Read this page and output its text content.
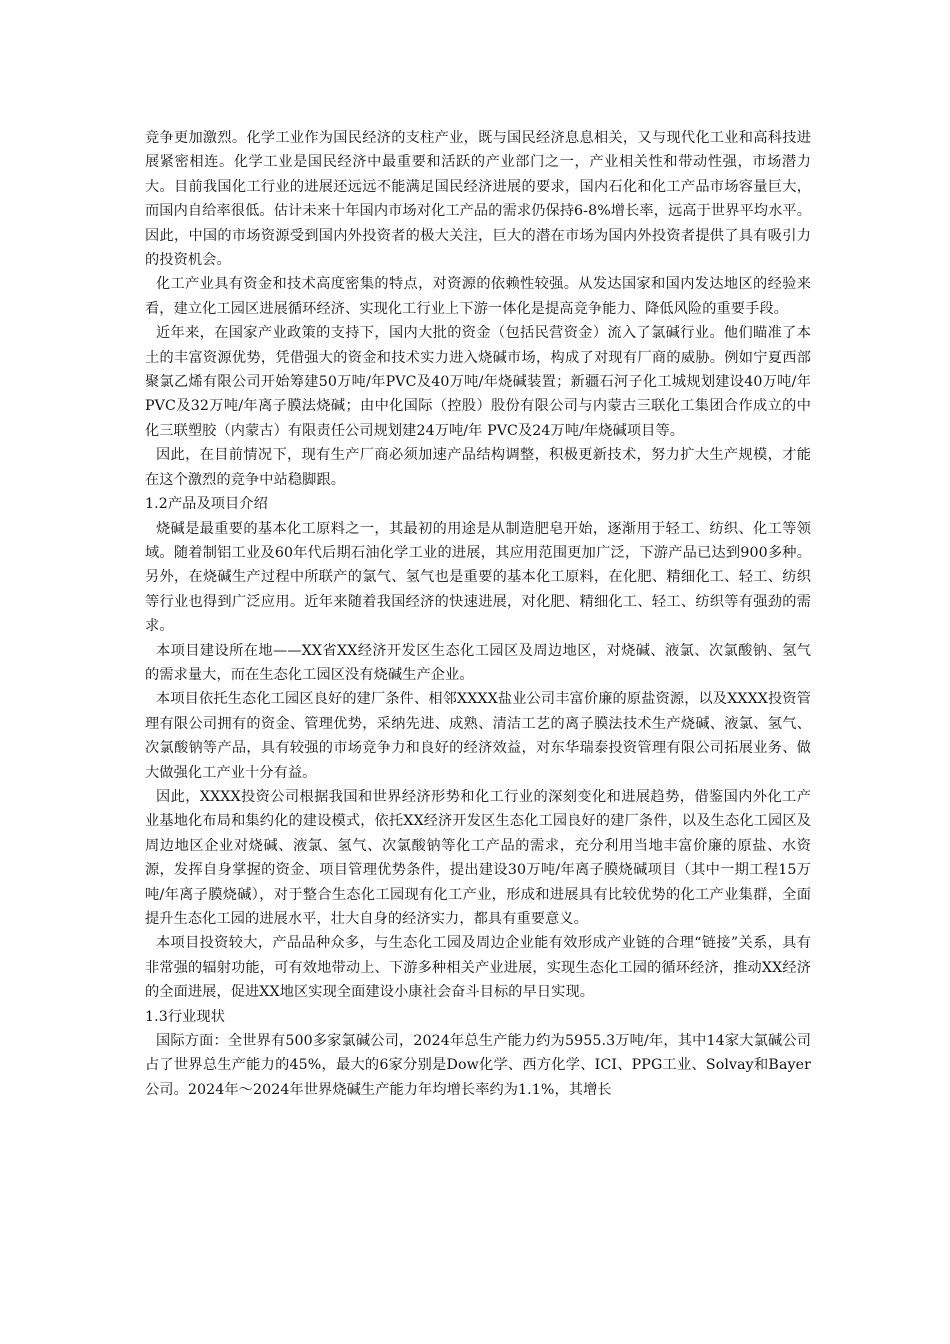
竞争更加激烈。化学工业作为国民经济的支柱产业，既与国民经济息息相关，又与现代化工业和高科技进展紧密相连。化学工业是国民经济中最重要和活跃的产业部门之一，产业相关性和带动性强，市场潜力大。目前我国化工行业的进展还远远不能满足国民经济进展的要求，国内石化和化工产品市场容量巨大，而国内自给率很低。估计未来十年国内市场对化工产品的需求仍保持6-8%增长率，远高于世界平均水平。因此，中国的市场资源受到国内外投资者的极大关注，巨大的潜在市场为国内外投资者提供了具有吸引力的投资机会。

化工产业具有资金和技术高度密集的特点，对资源的依赖性较强。从发达国家和国内发达地区的经验来看，建立化工园区进展循环经济、实现化工行业上下游一体化是提高竞争能力、降低风险的重要手段。

近年来，在国家产业政策的支持下，国内大批的资金（包括民营资金）流入了氯碱行业。他们瞄准了本土的丰富资源优势，凭借强大的资金和技术实力进入烧碱市场，构成了对现有厂商的威胁。例如宁夏西部聚氯乙烯有限公司开始筹建50万吨/年PVC及40万吨/年烧碱装置；新疆石河子化工城规划建设40万吨/年PVC及32万吨/年离子膜法烧碱；由中化国际（控股）股份有限公司与内蒙古三联化工集团合作成立的中化三联塑胶（内蒙古）有限责任公司规划建24万吨/年 PVC及24万吨/年烧碱项目等。

因此，在目前情况下，现有生产厂商必须加速产品结构调整，积极更新技术，努力扩大生产规模，才能在这个激烈的竞争中站稳脚跟。

1.2产品及项目介绍

烧碱是最重要的基本化工原料之一，其最初的用途是从制造肥皂开始，逐渐用于轻工、纺织、化工等领域。随着制铝工业及60年代后期石油化学工业的进展，其应用范围更加广泛，下游产品已达到900多种。另外，在烧碱生产过程中所联产的氯气、氢气也是重要的基本化工原料，在化肥、精细化工、轻工、纺织等行业也得到广泛应用。近年来随着我国经济的快速进展，对化肥、精细化工、轻工、纺织等有强劲的需求。

本项目建设所在地——XX省XX经济开发区生态化工园区及周边地区，对烧碱、液氯、次氯酸钠、氢气的需求量大，而在生态化工园区没有烧碱生产企业。

本项目依托生态化工园区良好的建厂条件、相邻XXXX盐业公司丰富价廉的原盐资源，以及XXXX投资管理有限公司拥有的资金、管理优势，采纳先进、成熟、清洁工艺的离子膜法技术生产烧碱、液氯、氢气、次氯酸钠等产品，具有较强的市场竞争力和良好的经济效益，对东华瑞泰投资管理有限公司拓展业务、做大做强化工产业十分有益。

因此，XXXX投资公司根据我国和世界经济形势和化工行业的深刻变化和进展趋势，借鉴国内外化工产业基地化布局和集约化的建设模式，依托XX经济开发区生态化工园良好的建厂条件，以及生态化工园区及周边地区企业对烧碱、液氯、氢气、次氯酸钠等化工产品的需求，充分利用当地丰富价廉的原盐、水资源，发挥自身掌握的资金、项目管理优势条件，提出建设30万吨/年离子膜烧碱项目（其中一期工程15万吨/年离子膜烧碱），对于整合生态化工园现有化工产业，形成和进展具有比较优势的化工产业集群，全面提升生态化工园的进展水平，壮大自身的经济实力，都具有重要意义。

本项目投资较大，产品品种众多，与生态化工园及周边企业能有效形成产业链的合理“链接”关系，具有非常强的辐射功能，可有效地带动上、下游多种相关产业进展，实现生态化工园的循环经济，推动XX经济的全面进展，促进XX地区实现全面建设小康社会奋斗目标的早日实现。

1.3行业现状

国际方面：全世界有500多家氯碱公司，2024年总生产能力约为5955.3万吨/年，其中14家大氯碱公司占了世界总生产能力的45%，最大的6家分别是Dow化学、西方化学、ICI、PPG工业、Solvay和Bayer公司。2024年～2024年世界烧碱生产能力年均增长率约为1.1%，其增长
